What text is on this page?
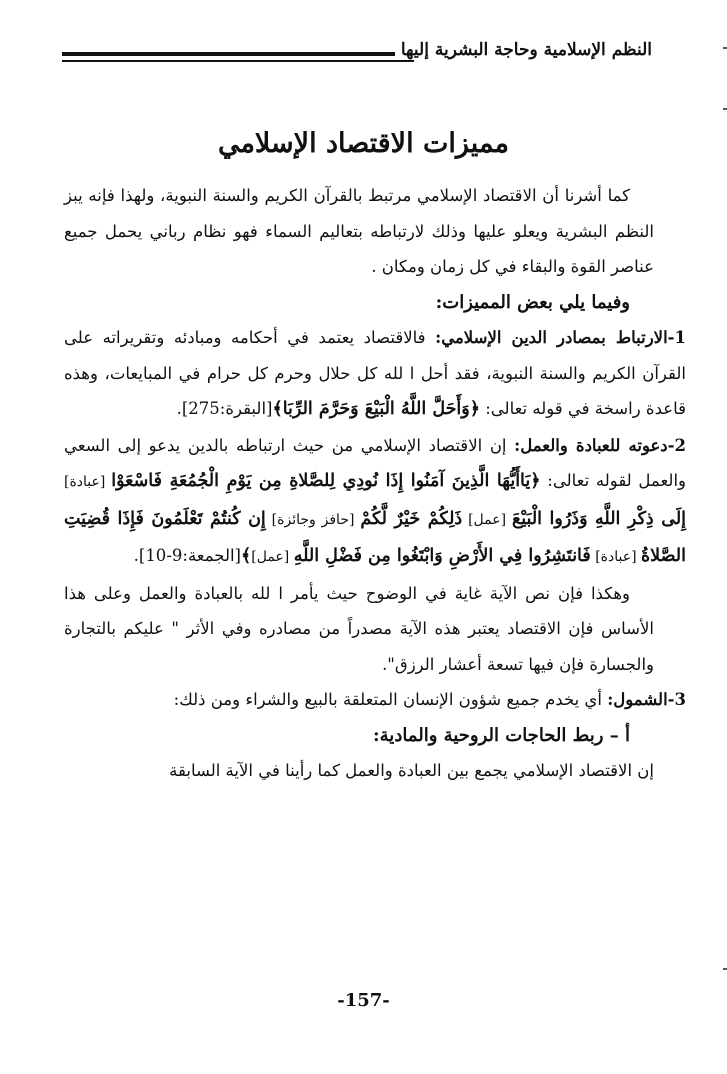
النظم الإسلامية وحاجة البشرية إليها
مميزات الاقتصاد الإسلامي

كما أشرنا أن الاقتصاد الإسلامي مرتبط بالقرآن الكريم والسنة النبوية، ولهذا فإنه يبز النظم البشرية ويعلو عليها وذلك لارتباطه بتعاليم السماء فهو نظام رباني يحمل جميع عناصر القوة والبقاء في كل زمان ومكان .

وفيما يلي بعض المميزات:

1-الارتباط بمصادر الدين الإسلامي: فالاقتصاد يعتمد في أحكامه ومبادئه وتقريراته على القرآن الكريم والسنة النبوية، فقد أحل ا لله كل حلال وحرم كل حرام في المبايعات، وهذه قاعدة راسخة في قوله تعالى: ﴿وَأَحَلَّ اللَّهُ الْبَيْعَ وَحَرَّمَ الرِّبَا﴾[البقرة:275].

2-دعوته للعبادة والعمل: إن الاقتصاد الإسلامي من حيث ارتباطه بالدين يدعو إلى السعي والعمل لقوله تعالى: ﴿يَاأَيُّهَا الَّذِينَ آمَنُوا إِذَا نُودِي لِلصَّلاةِ مِن يَوْمِ الْجُمُعَةِ فَاسْعَوْا [عبادة] إِلَى ذِكْرِ اللَّهِ وَذَرُوا الْبَيْعَ [عمل] ذَلِكُمْ خَيْرٌ لَّكُمْ [حافز وجائزة] إِن كُنتُمْ تَعْلَمُونَ فَإِذَا قُضِيَتِ الصَّلاةُ [عبادة] فَانتَشِرُوا فِي الأَرْضِ وَابْتَغُوا مِن فَضْلِ اللَّهِ [عمل]﴾[الجمعة:9-10].

وهكذا فإن نص الآية غاية في الوضوح حيث يأمر ا لله بالعبادة والعمل وعلى هذا الأساس فإن الاقتصاد يعتبر هذه الآية مصدراً من مصادره وفي الأثر " عليكم بالتجارة والجسارة فإن فيها تسعة أعشار الرزق".

3-الشمول: أي يخدم جميع شؤون الإنسان المتعلقة بالبيع والشراء ومن ذلك:

أ – ربط الحاجات الروحية والمادية:

إن الاقتصاد الإسلامي يجمع بين العبادة والعمل كما رأينا في الآية السابقة

-157-
